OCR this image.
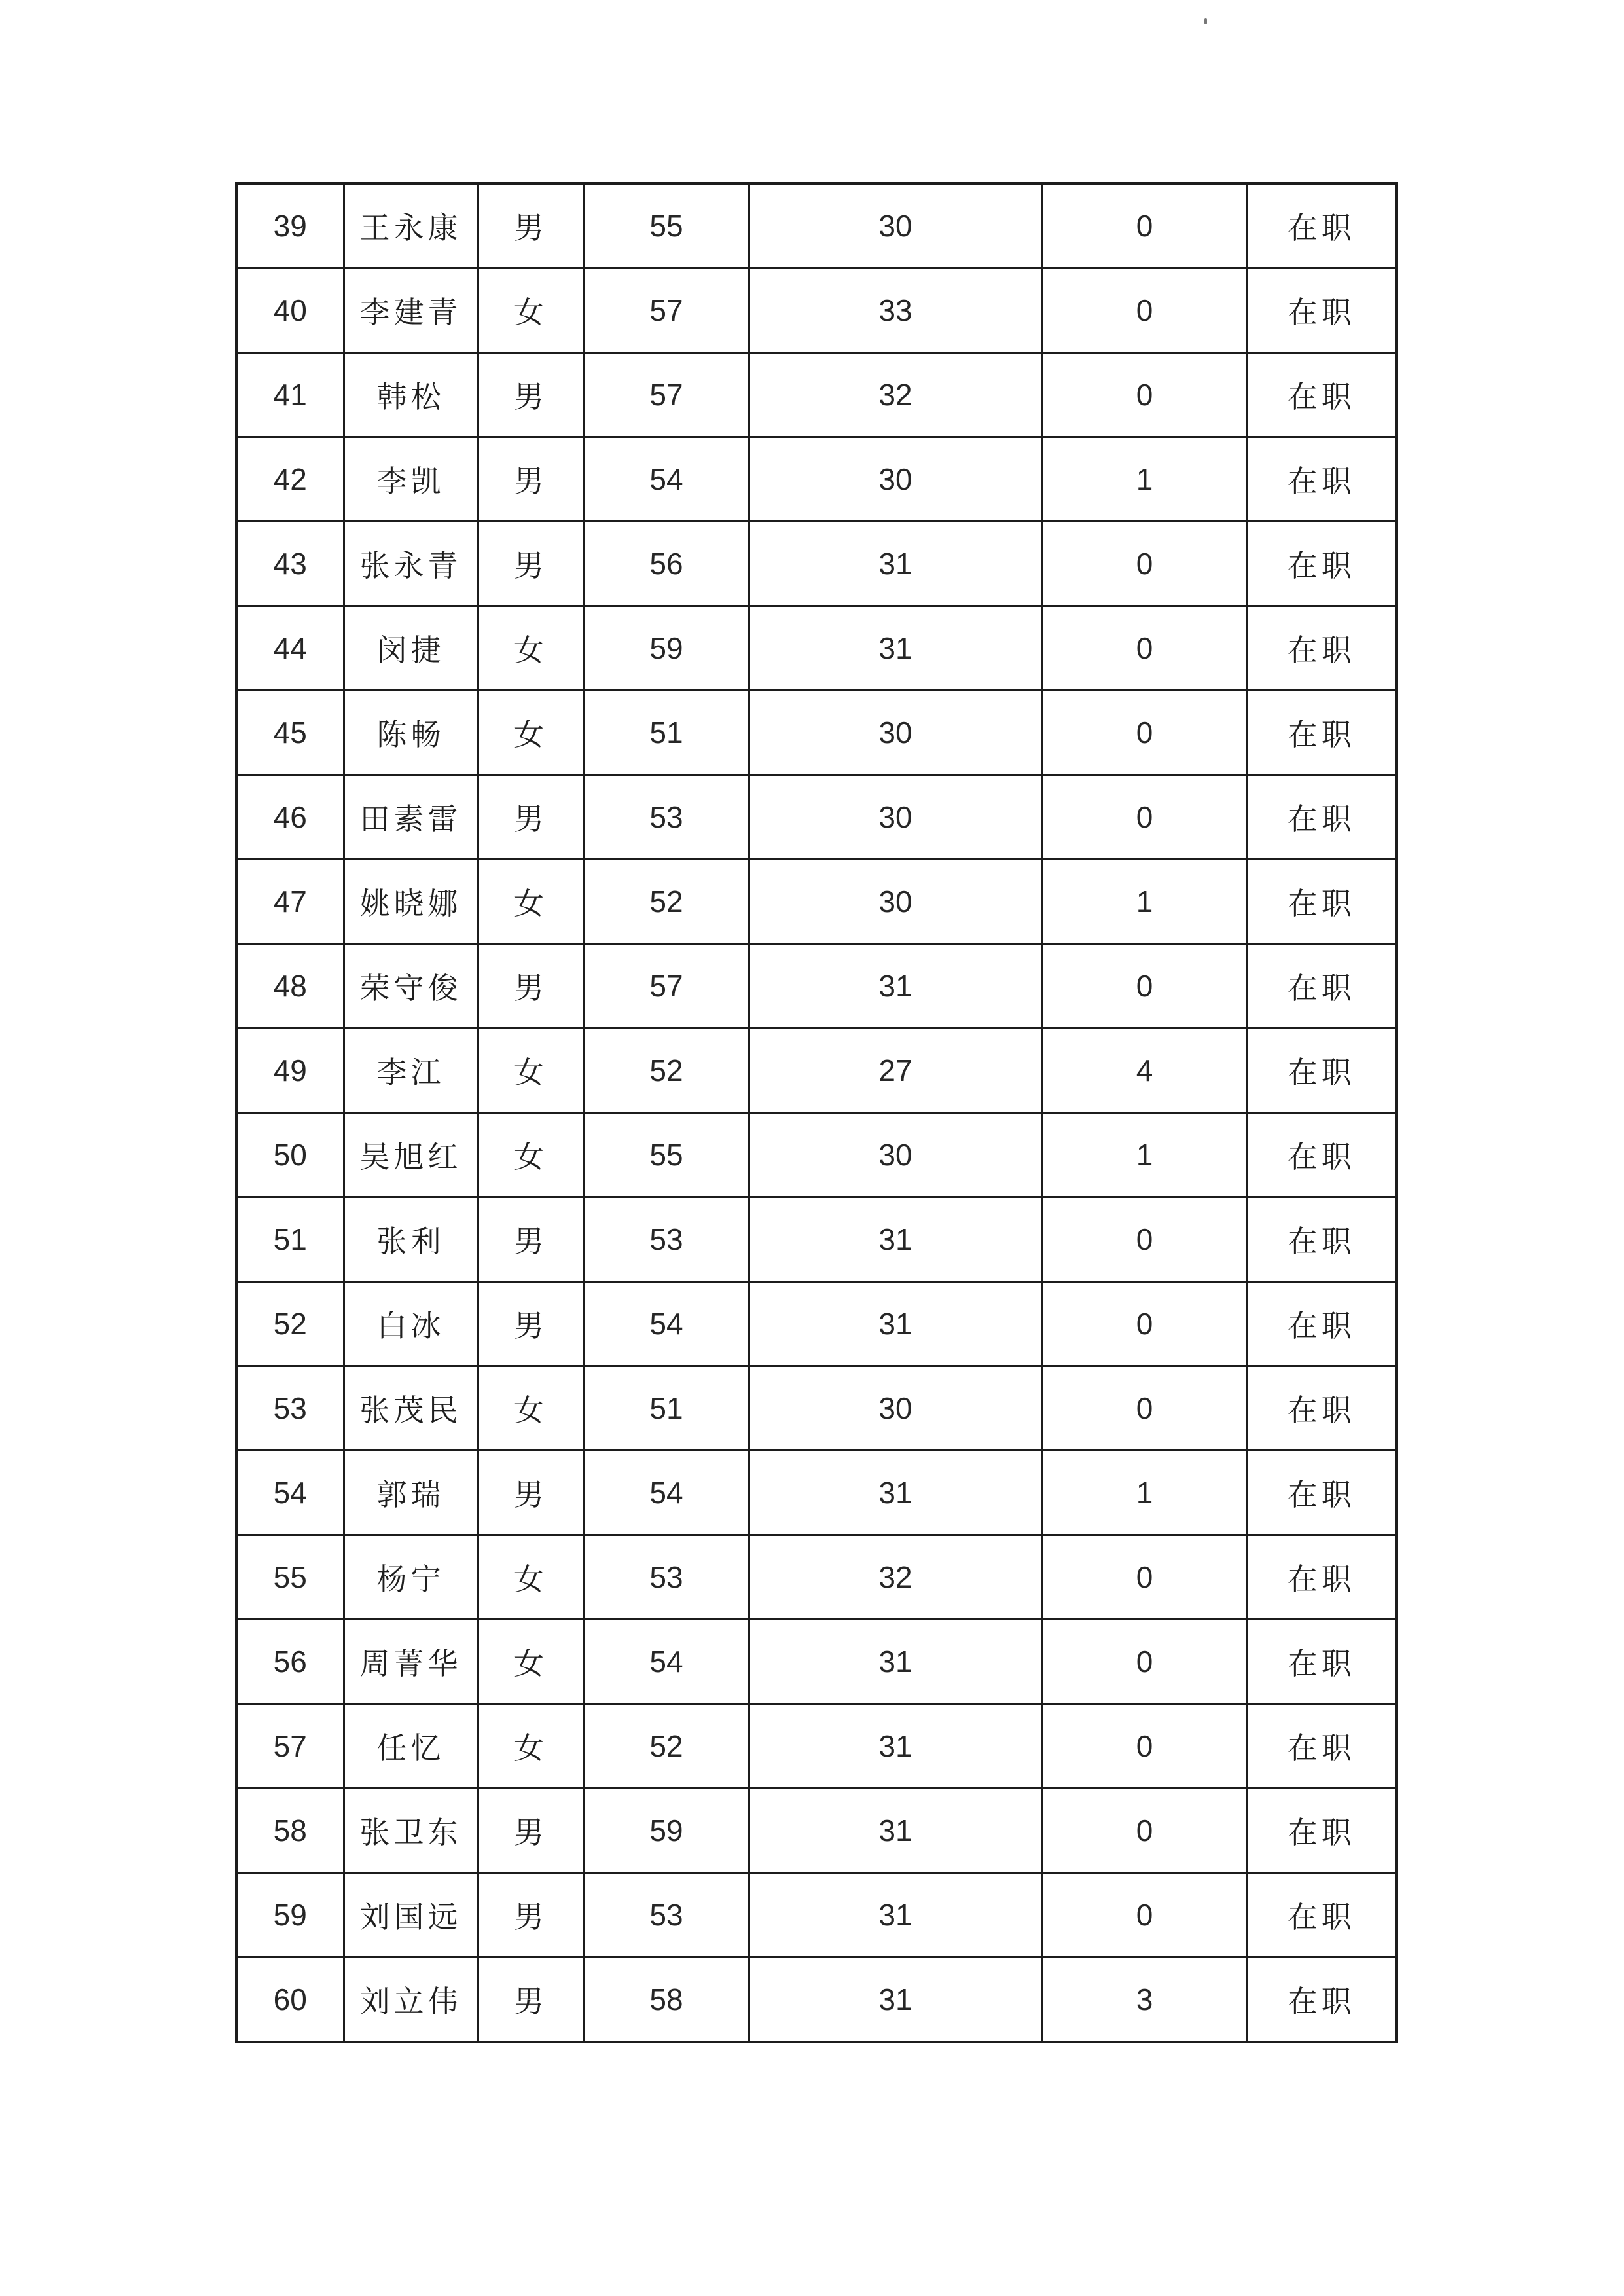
39	王永康	男	55	30	0	在职
40	李建青	女	57	33	0	在职
41	韩松	男	57	32	0	在职
42	李凯	男	54	30	1	在职
43	张永青	男	56	31	0	在职
44	闵捷	女	59	31	0	在职
45	陈畅	女	51	30	0	在职
46	田素雷	男	53	30	0	在职
47	姚晓娜	女	52	30	1	在职
48	荣守俊	男	57	31	0	在职
49	李江	女	52	27	4	在职
50	吴旭红	女	55	30	1	在职
51	张利	男	53	31	0	在职
52	白冰	男	54	31	0	在职
53	张茂民	女	51	30	0	在职
54	郭瑞	男	54	31	1	在职
55	杨宁	女	53	32	0	在职
56	周菁华	女	54	31	0	在职
57	任忆	女	52	31	0	在职
58	张卫东	男	59	31	0	在职
59	刘国远	男	53	31	0	在职
60	刘立伟	男	58	31	3	在职
